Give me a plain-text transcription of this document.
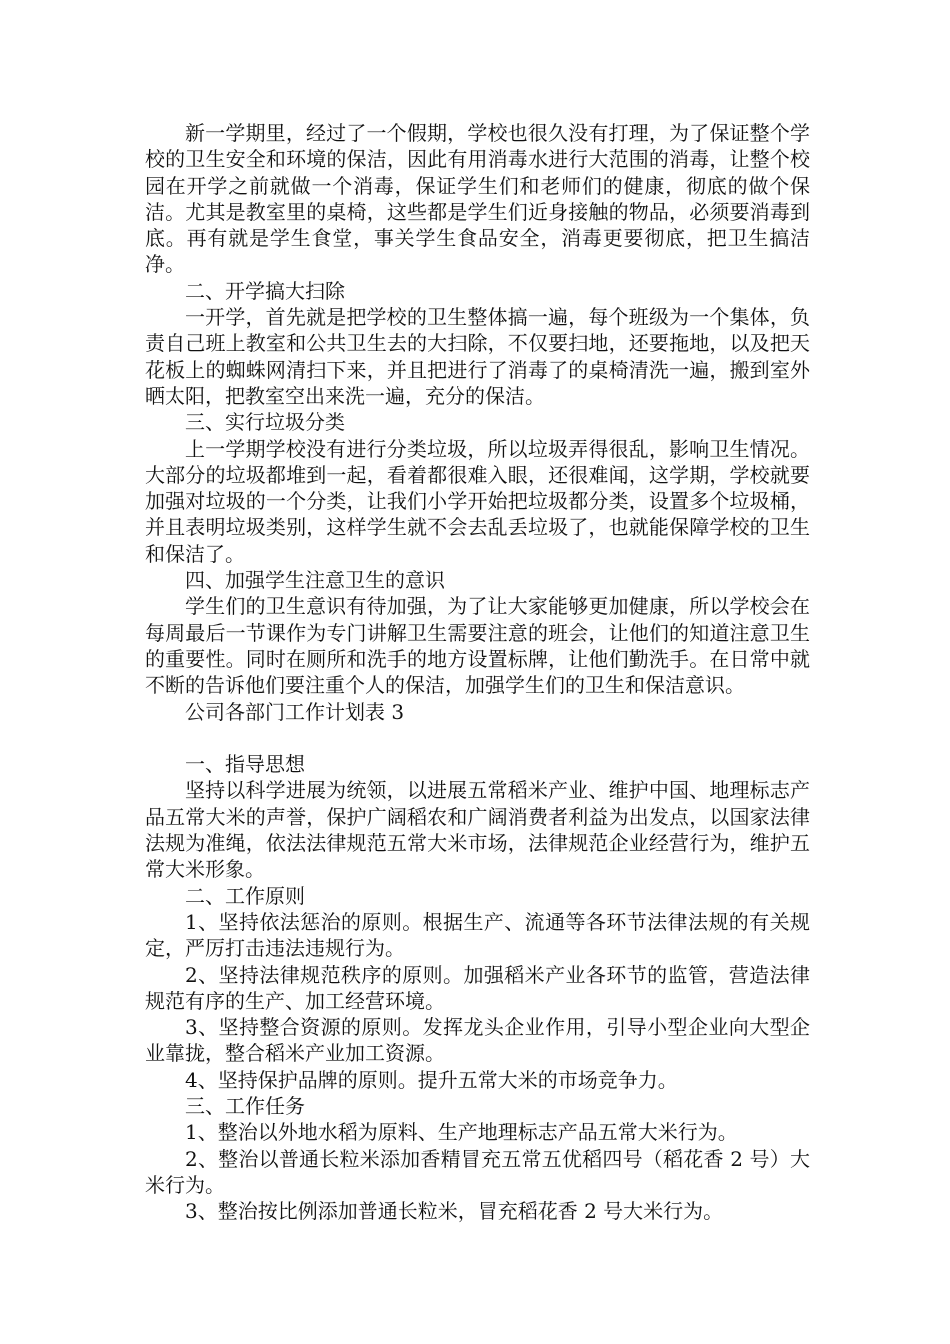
新一学期里，经过了一个假期，学校也很久没有打理，为了保证整个学校的卫生安全和环境的保洁，因此有用消毒水进行大范围的消毒，让整个校园在开学之前就做一个消毒，保证学生们和老师们的健康，彻底的做个保洁。尤其是教室里的桌椅，这些都是学生们近身接触的物品，必须要消毒到底。再有就是学生食堂，事关学生食品安全，消毒更要彻底，把卫生搞洁净。

二、开学搞大扫除

一开学，首先就是把学校的卫生整体搞一遍，每个班级为一个集体，负责自己班上教室和公共卫生去的大扫除，不仅要扫地，还要拖地，以及把天花板上的蜘蛛网清扫下来，并且把进行了消毒了的桌椅清洗一遍，搬到室外晒太阳，把教室空出来洗一遍，充分的保洁。

三、实行垃圾分类

上一学期学校没有进行分类垃圾，所以垃圾弄得很乱，影响卫生情况。大部分的垃圾都堆到一起，看着都很难入眼，还很难闻，这学期，学校就要加强对垃圾的一个分类，让我们小学开始把垃圾都分类，设置多个垃圾桶，并且表明垃圾类别，这样学生就不会去乱丢垃圾了，也就能保障学校的卫生和保洁了。

四、加强学生注意卫生的意识

学生们的卫生意识有待加强，为了让大家能够更加健康，所以学校会在每周最后一节课作为专门讲解卫生需要注意的班会，让他们的知道注意卫生的重要性。同时在厕所和洗手的地方设置标牌，让他们勤洗手。在日常中就不断的告诉他们要注重个人的保洁，加强学生们的卫生和保洁意识。

公司各部门工作计划表 3

一、指导思想

坚持以科学进展为统领，以进展五常稻米产业、维护中国、地理标志产品五常大米的声誉，保护广阔稻农和广阔消费者利益为出发点，以国家法律法规为准绳，依法法律规范五常大米市场，法律规范企业经营行为，维护五常大米形象。

二、工作原则

1、坚持依法惩治的原则。根据生产、流通等各环节法律法规的有关规定，严厉打击违法违规行为。

2、坚持法律规范秩序的原则。加强稻米产业各环节的监管，营造法律规范有序的生产、加工经营环境。

3、坚持整合资源的原则。发挥龙头企业作用，引导小型企业向大型企业靠拢，整合稻米产业加工资源。

4、坚持保护品牌的原则。提升五常大米的市场竞争力。

三、工作任务

1、整治以外地水稻为原料、生产地理标志产品五常大米行为。

2、整治以普通长粒米添加香精冒充五常五优稻四号（稻花香 2 号）大米行为。

3、整治按比例添加普通长粒米，冒充稻花香 2 号大米行为。
